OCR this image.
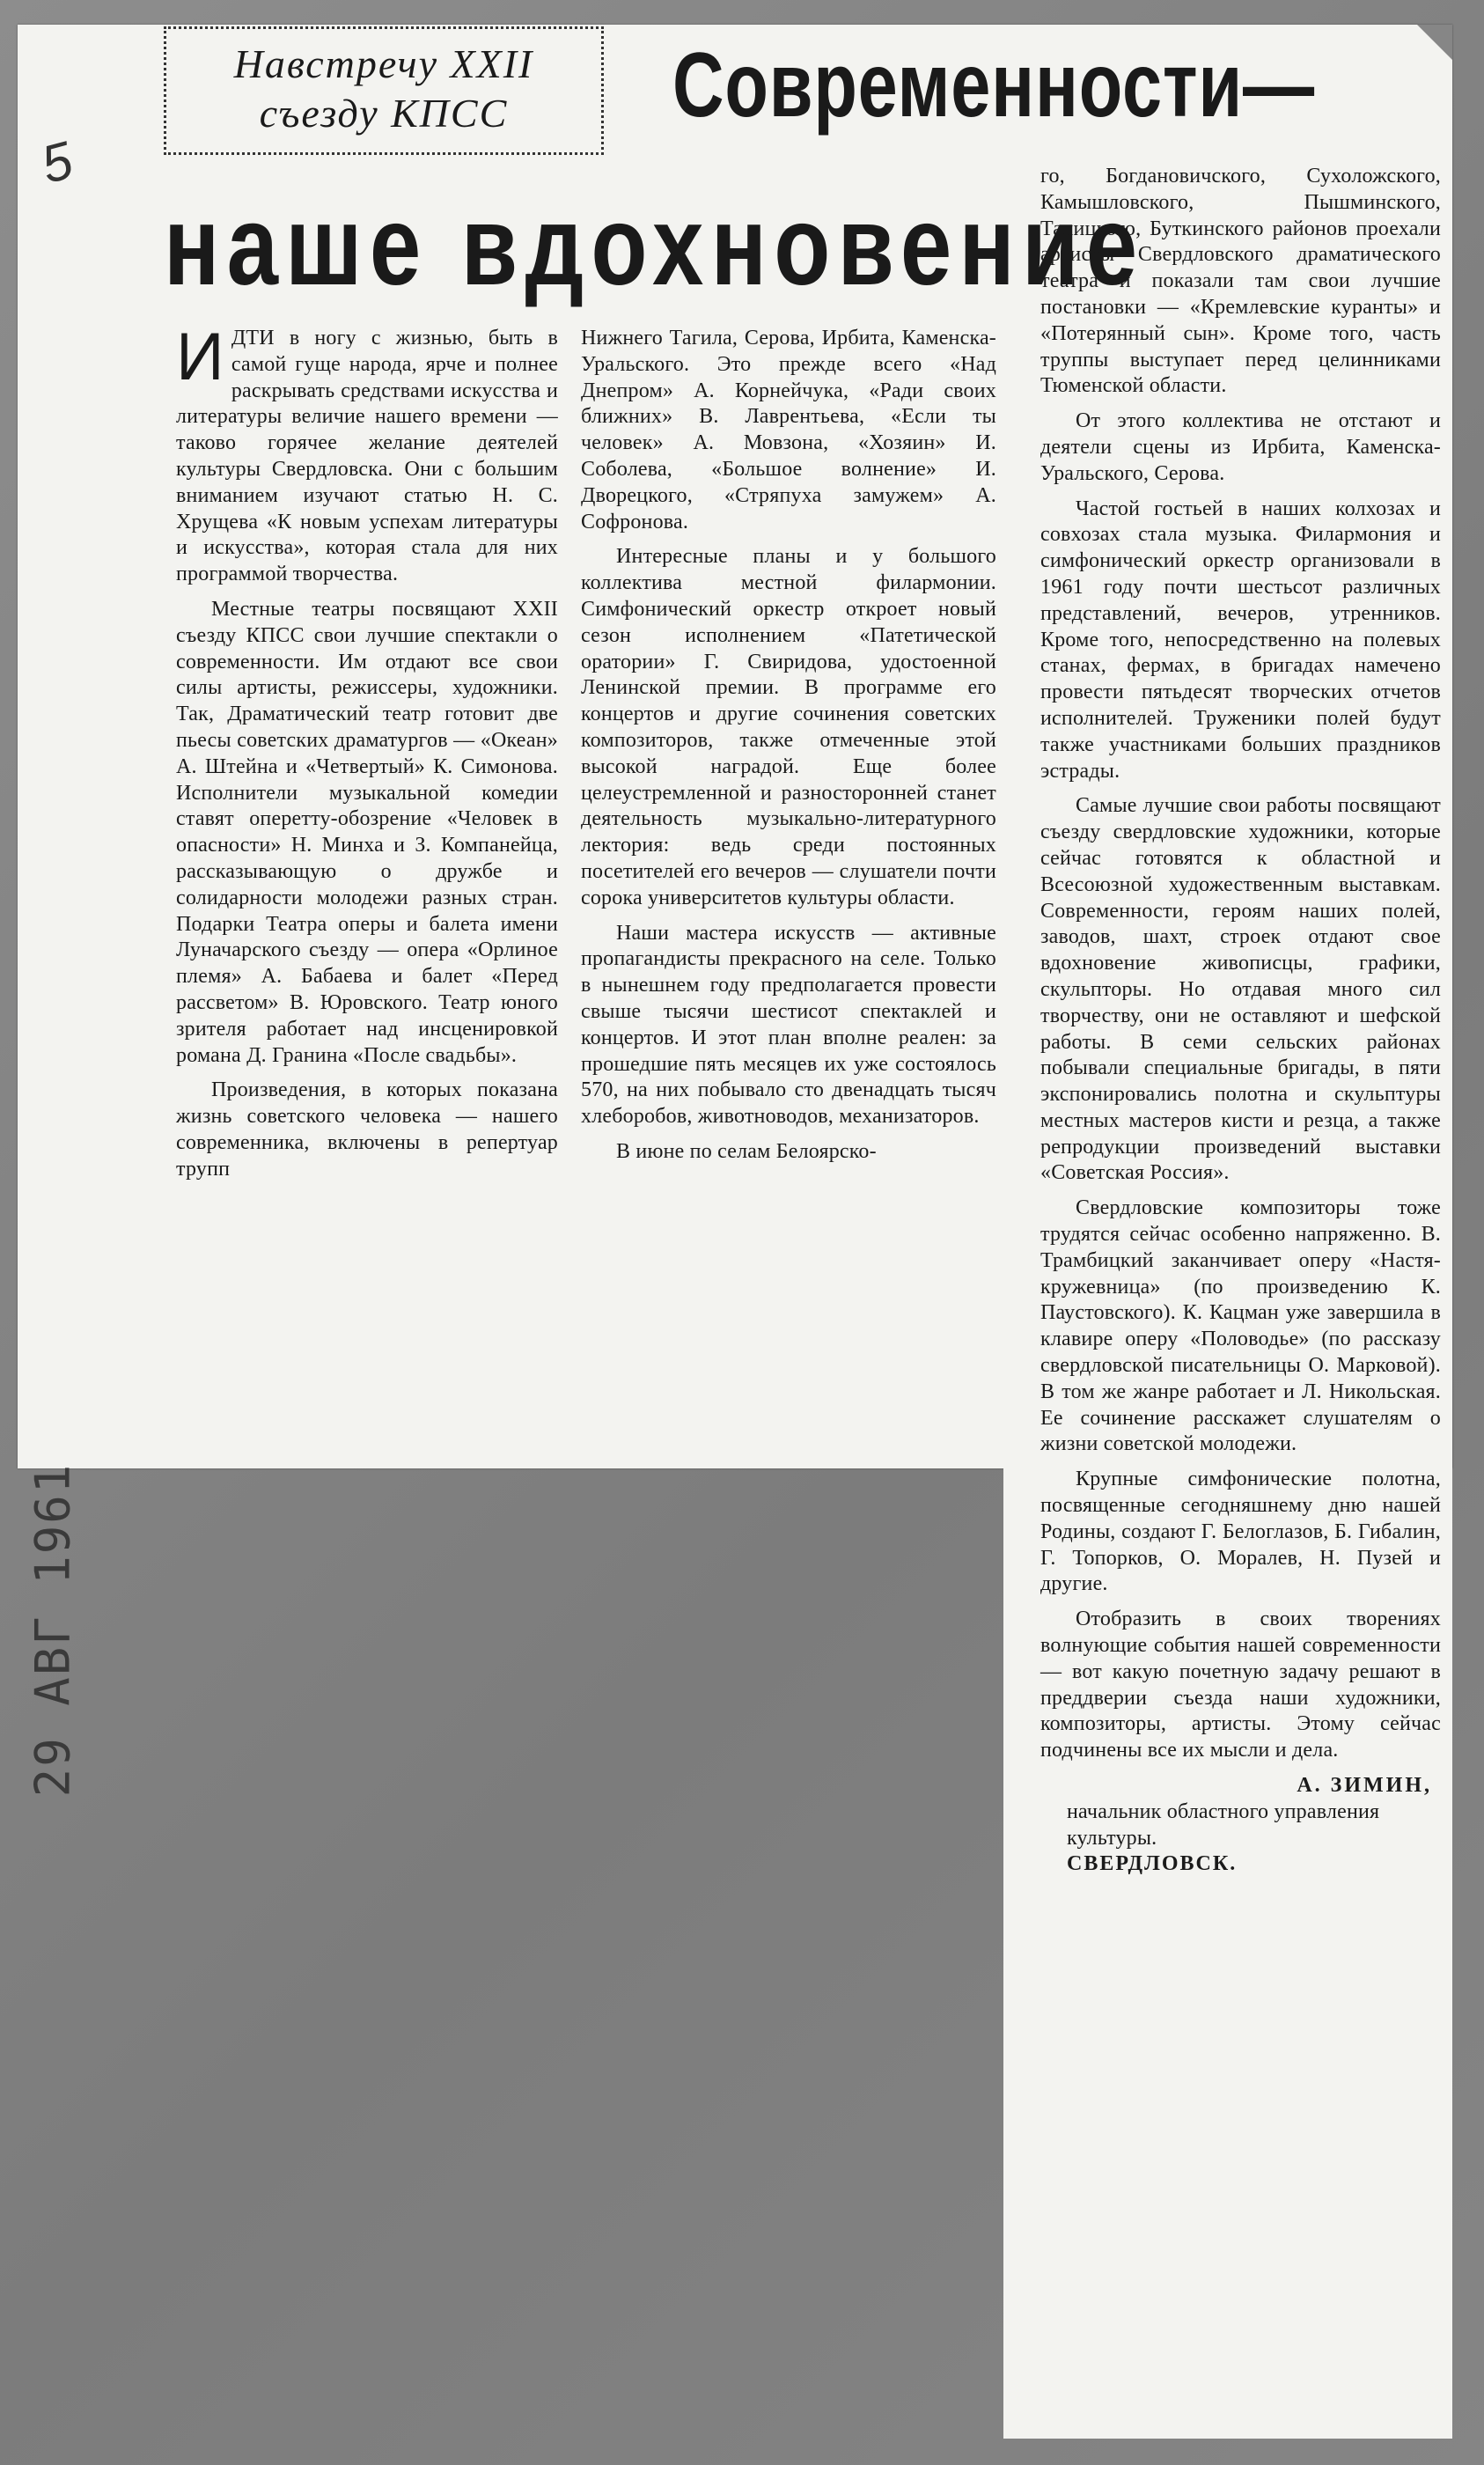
5
Навстречу XXII
съезду КПСС	Современности—
наше вдохновение
29 АВГ 1961

ИДТИ в ногу с жизнью, быть в самой гуще народа, ярче и полнее раскрывать средствами искусства и литературы величие нашего времени — таково горячее желание деятелей культуры Свердловска. Они с большим вниманием изучают статью Н. С. Хрущева «К новым успехам литературы и искусства», которая стала для них программой творчества.

Местные театры посвящают XXII съезду КПСС свои лучшие спектакли о современности. Им отдают все свои силы артисты, режиссеры, художники. Так, Драматический театр готовит две пьесы советских драматургов — «Океан» А. Штейна и «Четвертый» К. Симонова. Исполнители музыкальной комедии ставят оперетту-обозрение «Человек в опасности» Н. Минха и З. Компанейца, рассказывающую о дружбе и солидарности молодежи разных стран. Подарки Театра оперы и балета имени Луначарского съезду — опера «Орлиное племя» А. Бабаева и балет «Перед рассветом» В. Юровского. Театр юного зрителя работает над инсценировкой романа Д. Гранина «После свадьбы».

Произведения, в которых показана жизнь советского человека — нашего современника, включены в репертуар трупп

Нижнего Тагила, Серова, Ирбита, Каменска-Уральского. Это прежде всего «Над Днепром» А. Корнейчука, «Ради своих ближних» В. Лаврентьева, «Если ты человек» А. Мовзона, «Хозяин» И. Соболева, «Большое волнение» И. Дворецкого, «Стряпуха замужем» А. Софронова.

Интересные планы и у большого коллектива местной филармонии. Симфонический оркестр откроет новый сезон исполнением «Патетической оратории» Г. Свиридова, удостоенной Ленинской премии. В программе его концертов и другие сочинения советских композиторов, также отмеченные этой высокой наградой. Еще более целеустремленной и разносторонней станет деятельность музыкально-литературного лектория: ведь среди постоянных посетителей его вечеров — слушатели почти сорока университетов культуры области.

Наши мастера искусств — активные пропагандисты прекрасного на селе. Только в нынешнем году предполагается провести свыше тысячи шестисот спектаклей и концертов. И этот план вполне реален: за прошедшие пять месяцев их уже состоялось 570, на них побывало сто двенадцать тысяч хлеборобов, животноводов, механизаторов.

В июне по селам Белоярско-

го, Богдановичского, Сухоложского, Камышловского, Пышминского, Талицкого, Буткинского районов проехали артисты Свердловского драматического театра и показали там свои лучшие постановки — «Кремлевские куранты» и «Потерянный сын». Кроме того, часть труппы выступает перед целинниками Тюменской области.

От этого коллектива не отстают и деятели сцены из Ирбита, Каменска-Уральского, Серова.

Частой гостьей в наших колхозах и совхозах стала музыка. Филармония и симфонический оркестр организовали в 1961 году почти шестьсот различных представлений, вечеров, утренников. Кроме того, непосредственно на полевых станах, фермах, в бригадах намечено провести пятьдесят творческих отчетов исполнителей. Труженики полей будут также участниками больших праздников эстрады.

Самые лучшие свои работы посвящают съезду свердловские художники, которые сейчас готовятся к областной и Всесоюзной художественным выставкам. Современности, героям наших полей, заводов, шахт, строек отдают свое вдохновение живописцы, графики, скульпторы. Но отдавая много сил творчеству, они не оставляют и шефской работы. В семи сельских районах побывали специальные бригады, в пяти экспонировались полотна и скульптуры местных мастеров кисти и резца, а также репродукции произведений выставки «Советская Россия».

Свердловские композиторы тоже трудятся сейчас особенно напряженно. В. Трамбицкий заканчивает оперу «Настя-кружевница» (по произведению К. Паустовского). К. Кацман уже завершила в клавире оперу «Половодье» (по рассказу свердловской писательницы О. Марковой). В том же жанре работает и Л. Никольская. Ее сочинение расскажет слушателям о жизни советской молодежи.

Крупные симфонические полотна, посвященные сегодняшнему дню нашей Родины, создают Г. Белоглазов, Б. Гибалин, Г. Топорков, О. Моралев, Н. Пузей и другие.

Отобразить в своих творениях волнующие события нашей современности — вот какую почетную задачу решают в преддверии съезда наши художники, композиторы, артисты. Этому сейчас подчинены все их мысли и дела.

А. ЗИМИН,
начальник областного управления культуры.
СВЕРДЛОВСК.
